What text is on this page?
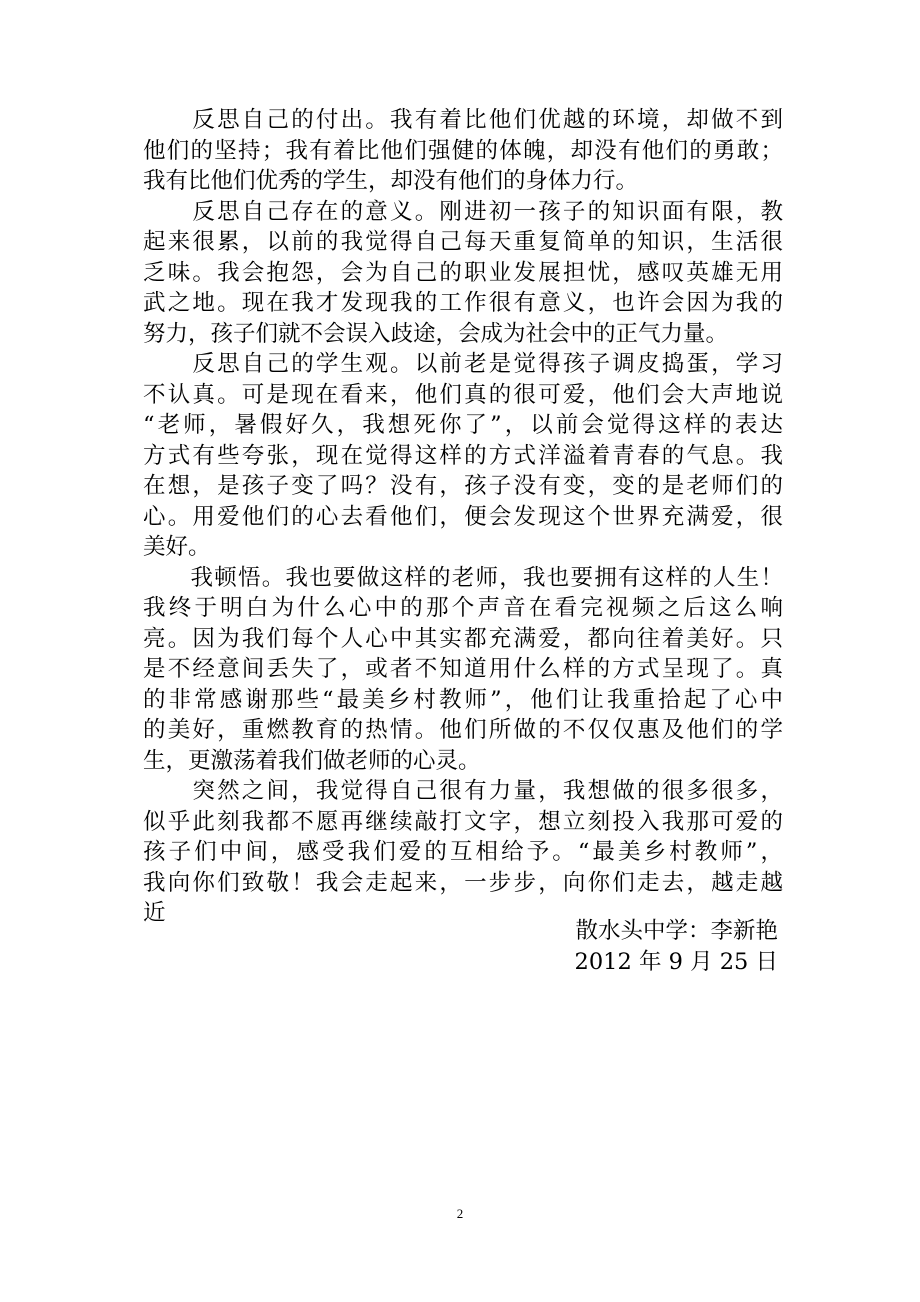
　　反思自己的付出。我有着比他们优越的环境，却做不到
他们的坚持；我有着比他们强健的体魄，却没有他们的勇敢；
我有比他们优秀的学生，却没有他们的身体力行。
　　反思自己存在的意义。刚进初一孩子的知识面有限，教
起来很累，以前的我觉得自己每天重复简单的知识，生活很
乏味。我会抱怨，会为自己的职业发展担忧，感叹英雄无用
武之地。现在我才发现我的工作很有意义，也许会因为我的
努力，孩子们就不会误入歧途，会成为社会中的正气力量。
　　反思自己的学生观。以前老是觉得孩子调皮捣蛋，学习
不认真。可是现在看来，他们真的很可爱，他们会大声地说
“老师，暑假好久，我想死你了”，以前会觉得这样的表达
方式有些夸张，现在觉得这样的方式洋溢着青春的气息。我
在想，是孩子变了吗？没有，孩子没有变，变的是老师们的
心。用爱他们的心去看他们，便会发现这个世界充满爱，很
美好。
　　我顿悟。我也要做这样的老师，我也要拥有这样的人生！
我终于明白为什么心中的那个声音在看完视频之后这么响
亮。因为我们每个人心中其实都充满爱，都向往着美好。只
是不经意间丢失了，或者不知道用什么样的方式呈现了。真
的非常感谢那些“最美乡村教师”，他们让我重拾起了心中
的美好，重燃教育的热情。他们所做的不仅仅惠及他们的学
生，更激荡着我们做老师的心灵。
　　突然之间，我觉得自己很有力量，我想做的很多很多，
似乎此刻我都不愿再继续敲打文字，想立刻投入我那可爱的
孩子们中间，感受我们爱的互相给予。“最美乡村教师”，
我向你们致敬！我会走起来，一步步，向你们走去，越走越
近
散水头中学：李新艳
2012 年 9 月 25 日
2
